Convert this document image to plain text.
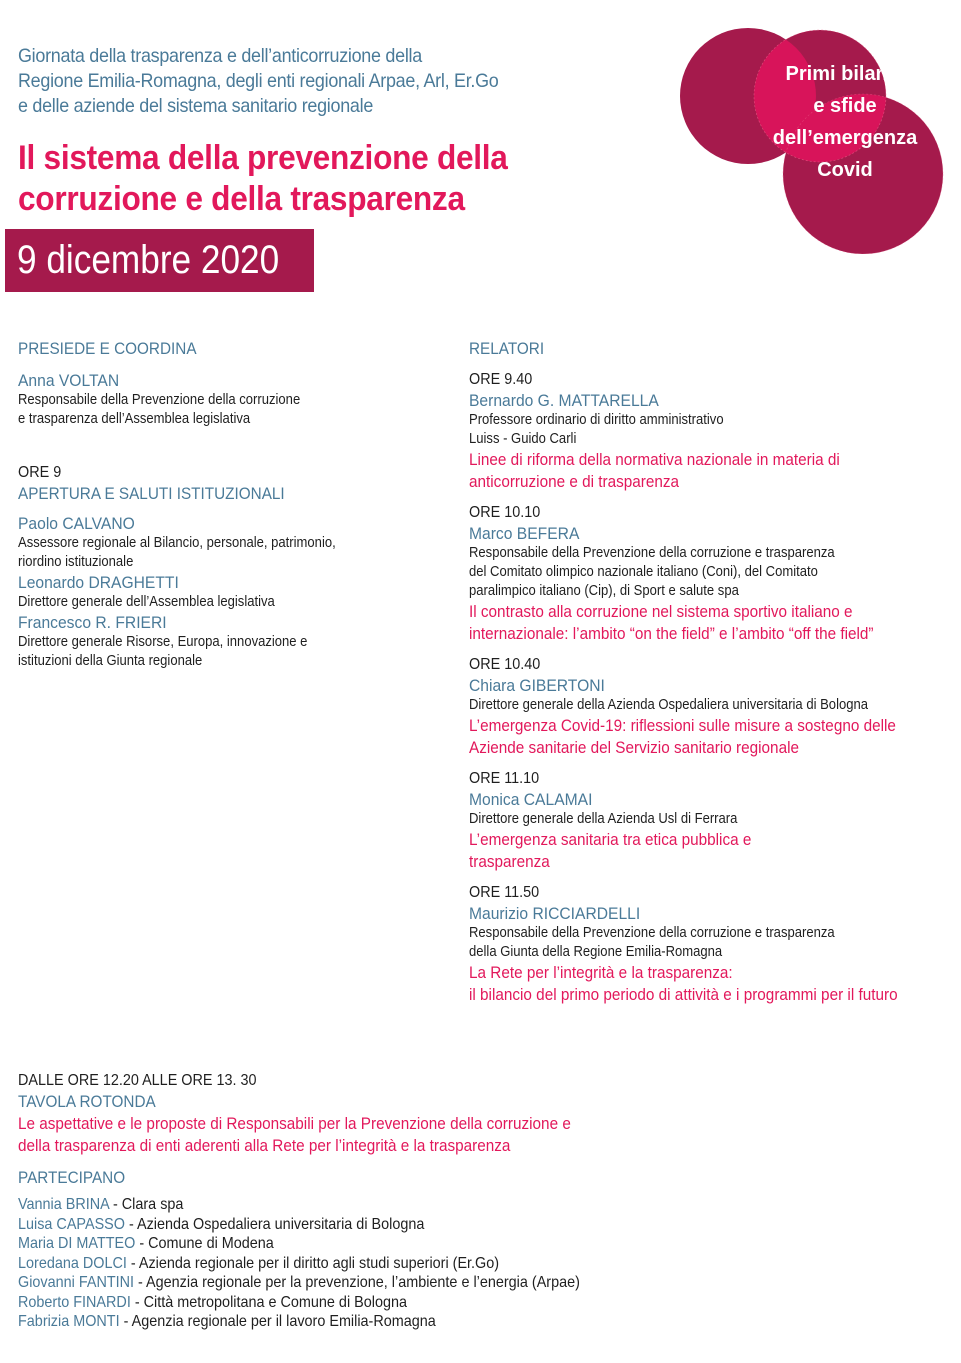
Giornata della trasparenza e dell’anticorruzione della
Regione Emilia-Romagna, degli enti regionali Arpae, Arl, Er.Go
e delle aziende del sistema sanitario regionale
Il sistema della prevenzione della
corruzione e della trasparenza
9 dicembre 2020
Primi bilanci
e sfide
dell’emergenza
Covid
PRESIEDE E COORDINA
Anna VOLTAN
Responsabile della Prevenzione della corruzione
e trasparenza dell’Assemblea legislativa
ORE 9
APERTURA E SALUTI ISTITUZIONALI
Paolo CALVANO
Assessore regionale al Bilancio, personale, patrimonio,
riordino istituzionale
Leonardo DRAGHETTI
Direttore generale dell’Assemblea legislativa
Francesco R. FRIERI
Direttore generale Risorse, Europa, innovazione e
istituzioni della Giunta regionale
RELATORI
ORE 9.40
Bernardo G. MATTARELLA
Professore ordinario di diritto amministrativo
Luiss - Guido Carli
Linee di riforma della normativa nazionale in materia di
anticorruzione e di trasparenza
ORE 10.10
Marco BEFERA
Responsabile della Prevenzione della corruzione e trasparenza
del Comitato olimpico nazionale italiano (Coni), del Comitato
paralimpico italiano (Cip), di Sport e salute spa
Il contrasto alla corruzione nel sistema sportivo italiano e
internazionale: l’ambito “on the field” e l’ambito “off the field”
ORE 10.40
Chiara GIBERTONI
Direttore generale della Azienda Ospedaliera universitaria di Bologna
L’emergenza Covid-19: riflessioni sulle misure a sostegno delle
Aziende sanitarie del Servizio sanitario regionale
ORE 11.10
Monica CALAMAI
Direttore generale della Azienda Usl di Ferrara
L’emergenza sanitaria tra etica pubblica e
trasparenza
ORE 11.50
Maurizio RICCIARDELLI
Responsabile della Prevenzione della corruzione e trasparenza
della Giunta della Regione Emilia-Romagna
La Rete per l’integrità e la trasparenza:
il bilancio del primo periodo di attività e i programmi per il futuro
DALLE ORE 12.20 ALLE ORE 13. 30
TAVOLA ROTONDA
Le aspettative e le proposte di Responsabili per la Prevenzione della corruzione e
della trasparenza di enti aderenti alla Rete per l’integrità e la trasparenza
PARTECIPANO
Vannia BRINA - Clara spa
Luisa CAPASSO - Azienda Ospedaliera universitaria di Bologna
Maria DI MATTEO - Comune di Modena
Loredana DOLCI - Azienda regionale per il diritto agli studi superiori (Er.Go)
Giovanni FANTINI - Agenzia regionale per la prevenzione, l’ambiente e l’energia (Arpae)
Roberto FINARDI - Città metropolitana e Comune di Bologna
Fabrizia MONTI - Agenzia regionale per il lavoro Emilia-Romagna
